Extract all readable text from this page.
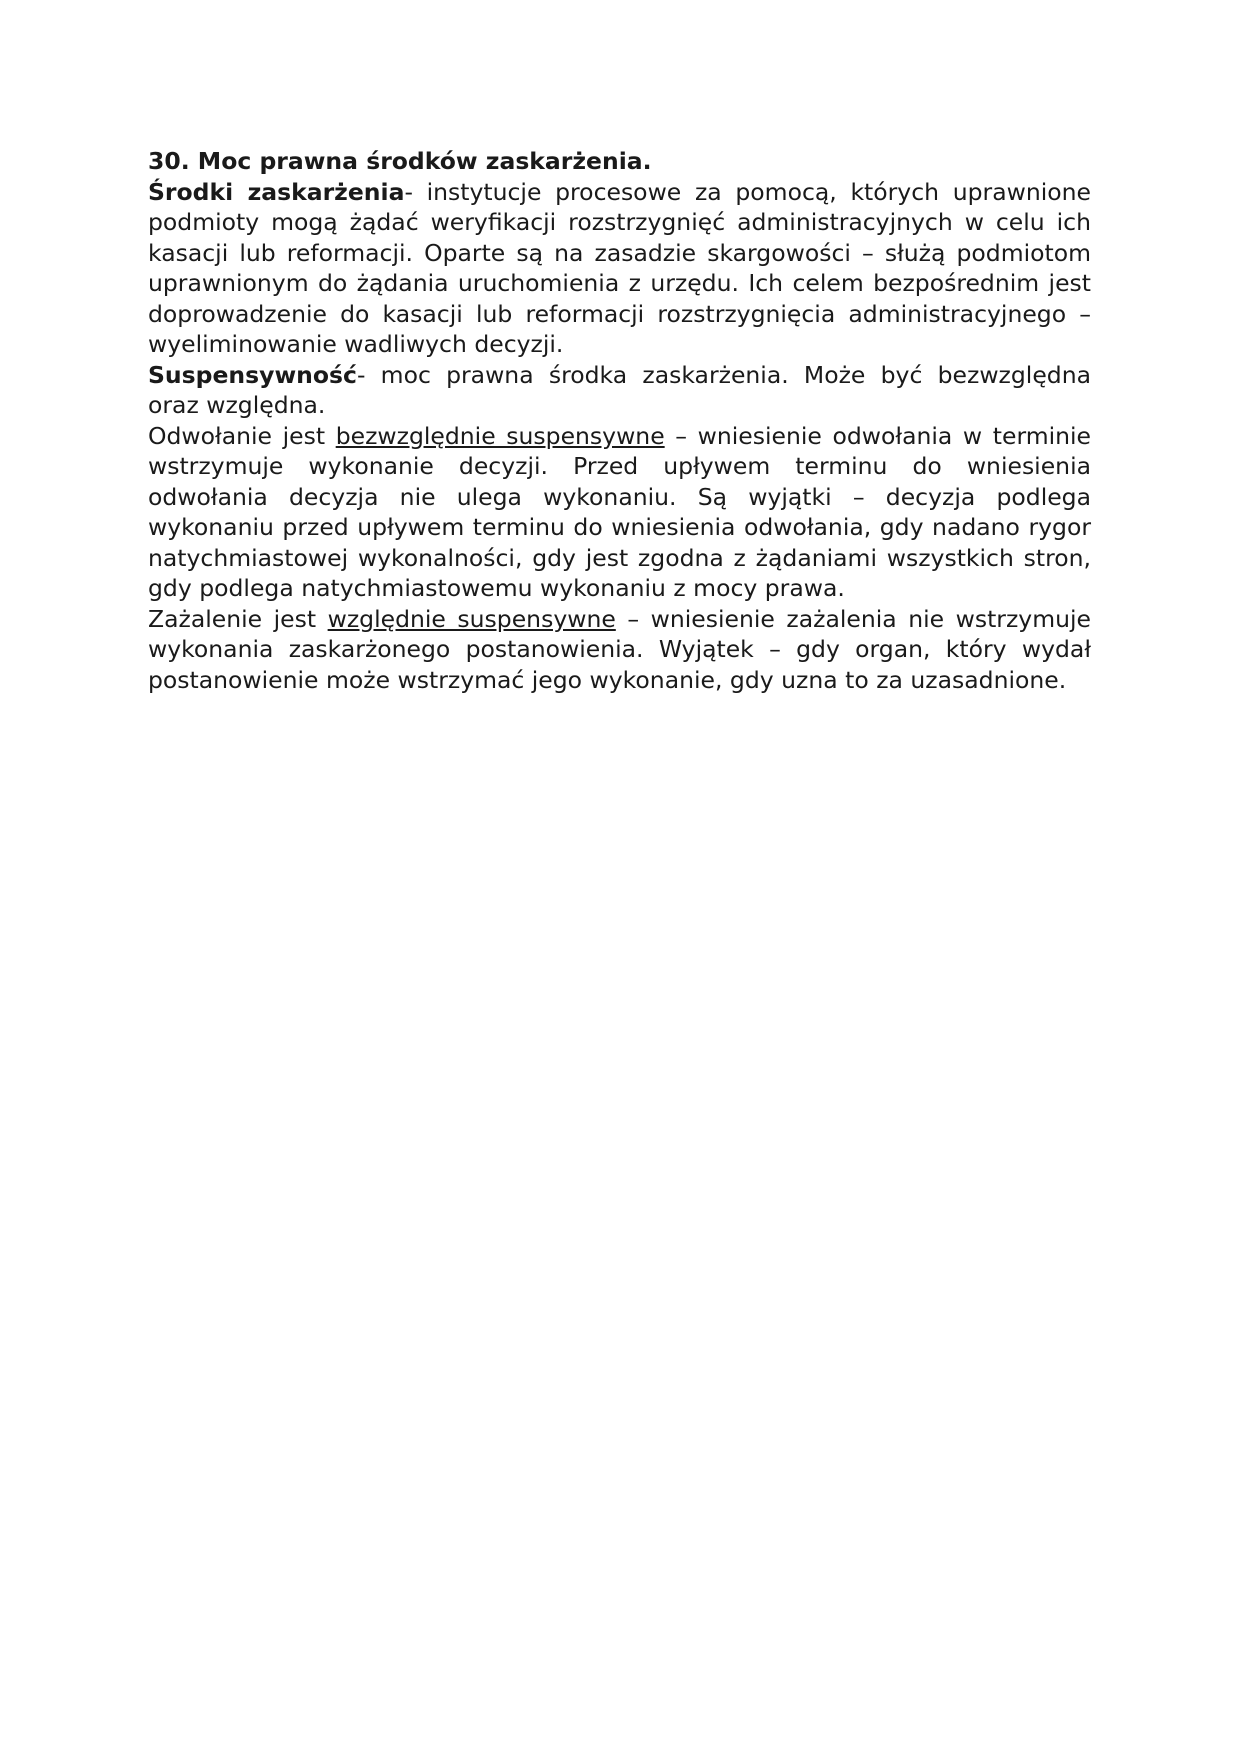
30. Moc prawna środków zaskarżenia.

Środki zaskarżenia- instytucje procesowe za pomocą, których uprawnione podmioty mogą żądać weryfikacji rozstrzygnięć administracyjnych w celu ich kasacji lub reformacji. Oparte są na zasadzie skargowości – służą podmiotom uprawnionym do żądania uruchomienia z urzędu. Ich celem bezpośrednim jest doprowadzenie do kasacji lub reformacji rozstrzygnięcia administracyjnego – wyeliminowanie wadliwych decyzji.

Suspensywność- moc prawna środka zaskarżenia. Może być bezwzględna oraz względna.

Odwołanie jest bezwzględnie suspensywne – wniesienie odwołania w terminie wstrzymuje wykonanie decyzji. Przed upływem terminu do wniesienia odwołania decyzja nie ulega wykonaniu. Są wyjątki – decyzja podlega wykonaniu przed upływem terminu do wniesienia odwołania, gdy nadano rygor natychmiastowej wykonalności, gdy jest zgodna z żądaniami wszystkich stron, gdy podlega natychmiastowemu wykonaniu z mocy prawa.

Zażalenie jest względnie suspensywne – wniesienie zażalenia nie wstrzymuje wykonania zaskarżonego postanowienia. Wyjątek – gdy organ, który wydał postanowienie może wstrzymać jego wykonanie, gdy uzna to za uzasadnione.
